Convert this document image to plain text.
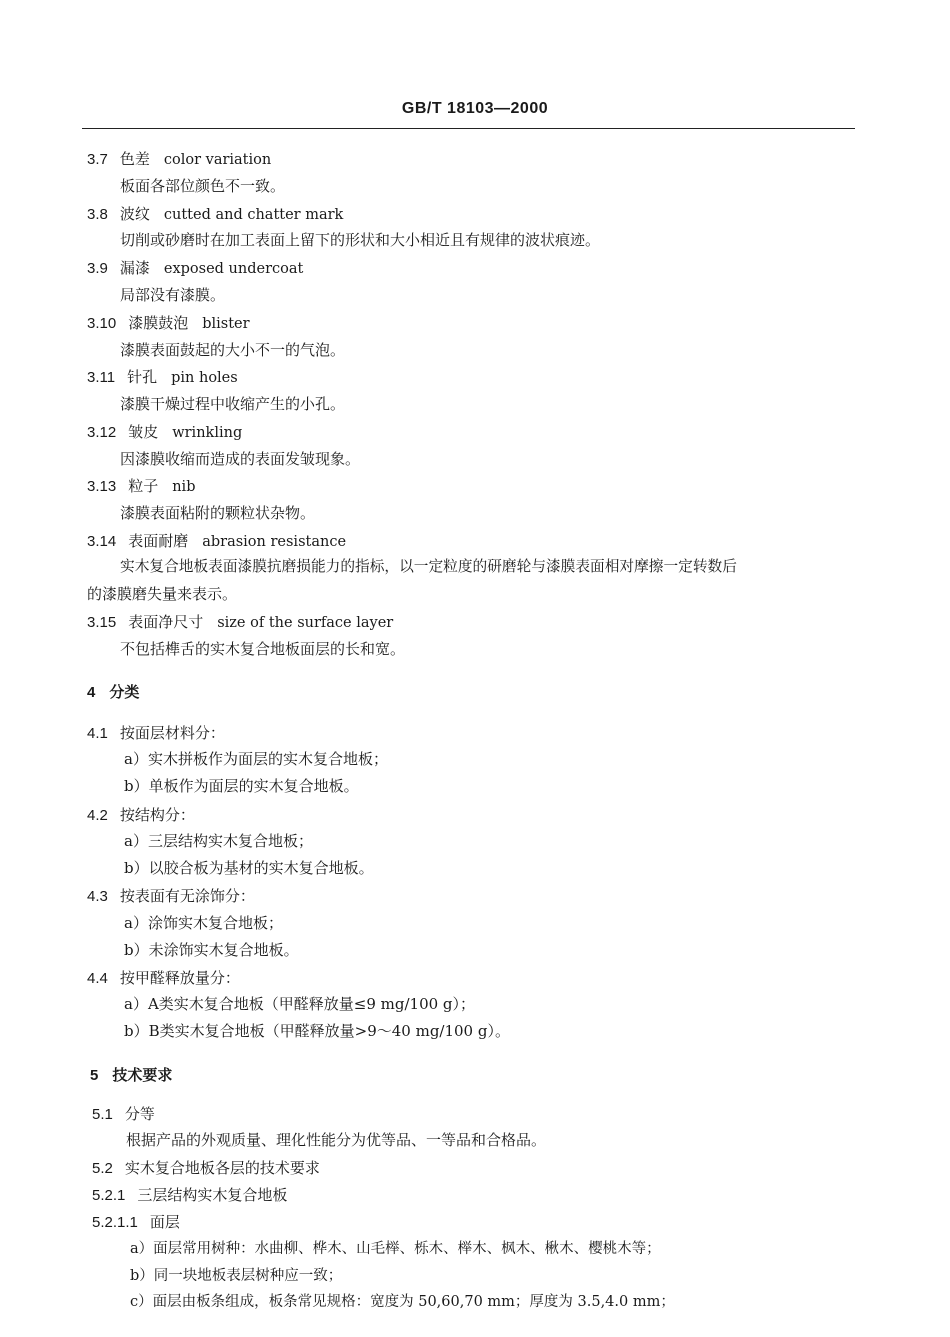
GB/T 18103—2000
3.7 色差 color variation
板面各部位颜色不一致。
3.8 波纹 cutted and chatter mark
切削或砂磨时在加工表面上留下的形状和大小相近且有规律的波状痕迹。
3.9 漏漆 exposed undercoat
局部没有漆膜。
3.10 漆膜鼓泡 blister
漆膜表面鼓起的大小不一的气泡。
3.11 针孔 pin holes
漆膜干燥过程中收缩产生的小孔。
3.12 皱皮 wrinkling
因漆膜收缩而造成的表面发皱现象。
3.13 粒子 nib
漆膜表面粘附的颗粒状杂物。
3.14 表面耐磨 abrasion resistance
实木复合地板表面漆膜抗磨损能力的指标，以一定粒度的研磨轮与漆膜表面相对摩擦一定转数后
的漆膜磨失量来表示。
3.15 表面净尺寸 size of the surface layer
不包括榫舌的实木复合地板面层的长和宽。
4 分类
4.1 按面层材料分：
a）实木拼板作为面层的实木复合地板；
b）单板作为面层的实木复合地板。
4.2 按结构分：
a）三层结构实木复合地板；
b）以胶合板为基材的实木复合地板。
4.3 按表面有无涂饰分：
a）涂饰实木复合地板；
b）未涂饰实木复合地板。
4.4 按甲醛释放量分：
a）A类实木复合地板（甲醛释放量≤9 mg/100 g）；
b）B类实木复合地板（甲醛释放量>9～40 mg/100 g）。
5 技术要求
5.1 分等
根据产品的外观质量、理化性能分为优等品、一等品和合格品。
5.2 实木复合地板各层的技术要求
5.2.1 三层结构实木复合地板
5.2.1.1 面层
a）面层常用树种：水曲柳、桦木、山毛榉、栎木、榉木、枫木、楸木、樱桃木等；
b）同一块地板表层树种应一致；
c）面层由板条组成，板条常见规格：宽度为 50,60,70 mm；厚度为 3.5,4.0 mm；
